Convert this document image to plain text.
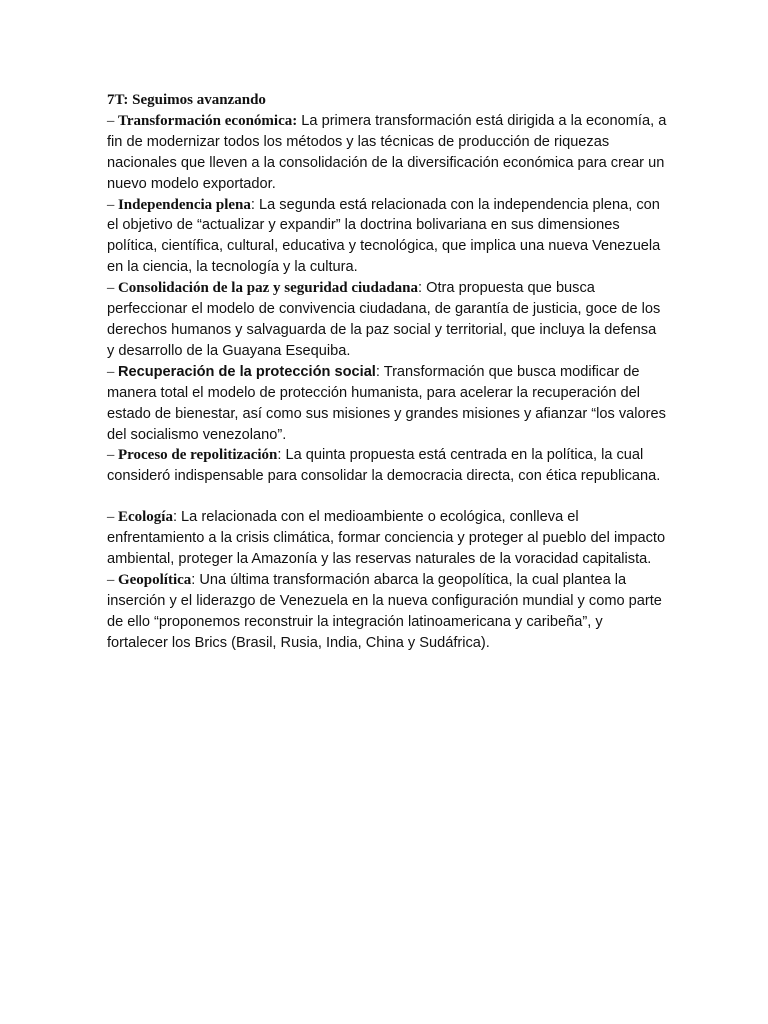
7T: Seguimos avanzando

– Transformación económica: La primera transformación está dirigida a la economía, a fin de modernizar todos los métodos y las técnicas de producción de riquezas nacionales que lleven a la consolidación de la diversificación económica para crear un nuevo modelo exportador.

– Independencia plena: La segunda está relacionada con la independencia plena, con el objetivo de “actualizar y expandir” la doctrina bolivariana en sus dimensiones política, científica, cultural, educativa y tecnológica, que implica una nueva Venezuela en la ciencia, la tecnología y la cultura.

– Consolidación de la paz y seguridad ciudadana: Otra propuesta que busca perfeccionar el modelo de convivencia ciudadana, de garantía de justicia, goce de los derechos humanos y salvaguarda de la paz social y territorial, que incluya la defensa y desarrollo de la Guayana Esequiba.

– Recuperación de la protección social: Transformación que busca modificar de manera total el modelo de protección humanista, para acelerar la recuperación del estado de bienestar, así como sus misiones y grandes misiones y afianzar “los valores del socialismo venezolano”.

– Proceso de repolitización: La quinta propuesta está centrada en la política, la cual consideró indispensable para consolidar la democracia directa, con ética republicana.

– Ecología: La relacionada con el medioambiente o ecológica, conlleva el enfrentamiento a la crisis climática, formar conciencia y proteger al pueblo del impacto ambiental, proteger la Amazonía y las reservas naturales de la voracidad capitalista.

– Geopolítica: Una última transformación abarca la geopolítica, la cual plantea la inserción y el liderazgo de Venezuela en la nueva configuración mundial y como parte de ello “proponemos reconstruir la integración latinoamericana y caribeña”, y fortalecer los Brics (Brasil, Rusia, India, China y Sudáfrica).
